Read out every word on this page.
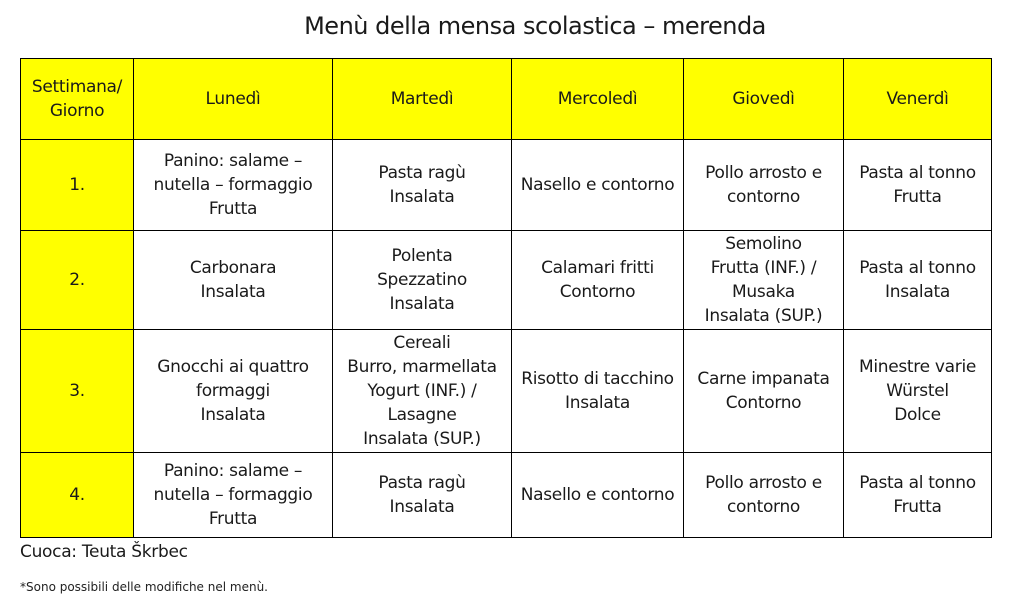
Menù della mensa scolastica – merenda
Settimana/
Giorno	Lunedì	Martedì	Mercoledì	Giovedì	Venerdì
1.	Panino: salame –
nutella – formaggio
Frutta	Pasta ragù
Insalata	Nasello e contorno	Pollo arrosto e
contorno	Pasta al tonno
Frutta

2.	Carbonara
Insalata	Polenta
Spezzatino
Insalata	Calamari fritti
Contorno	Semolino
Frutta (INF.) /
Musaka
Insalata (SUP.)	Pasta al tonno
Insalata

3.	Gnocchi ai quattro
formaggi
Insalata	Cereali
Burro, marmellata
Yogurt (INF.) /
Lasagne
Insalata (SUP.)	Risotto di tacchino
Insalata	Carne impanata
Contorno	Minestre varie
Würstel
Dolce

4.	Panino: salame –
nutella – formaggio
Frutta	Pasta ragù
Insalata	Nasello e contorno	Pollo arrosto e
contorno	Pasta al tonno
Frutta
Cuoca: Teuta Škrbec
*Sono possibili delle modifiche nel menù.
